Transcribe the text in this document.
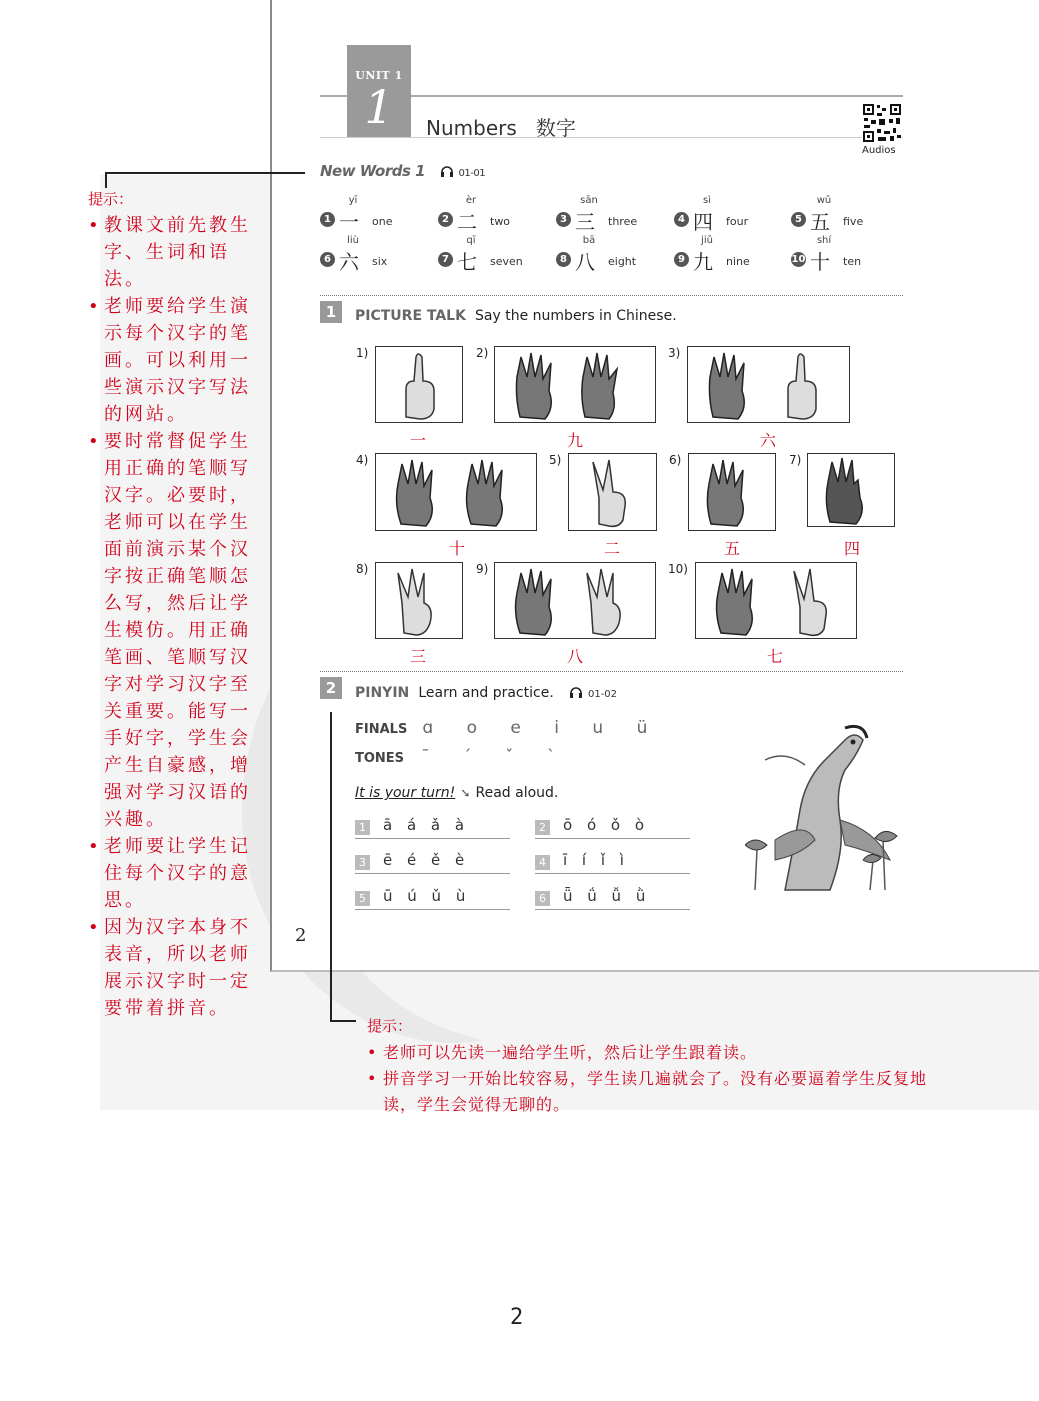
UNIT 1
1	Numbers   数字
Audios
New Words 1	01-01
yī
1 一 one
èr
2 二 two
sān
3 三 three
sì
4 四 four
wǔ
5 五 five
liù
6 六 six
qī
7 七 seven
bā
8 八 eight
jiǔ
9 九 nine
shí
10 十 ten
1	PICTURE TALK Say the numbers in Chinese.
1)
一
2)
九
3)
六
4)
十
5)
二
6)
五
7)
四
8)
三
9)
八
10)
七
2	PINYIN Learn and practice.	01-02
FINALS ɑ o e i u ü
TONES ˉ ˊ ˇ ˋ
It is your turn! ➘ Read aloud.
1 ā á ǎ à	2 ō ó ǒ ò
3 ē é ě è	4 ī í ǐ ì
5 ū ú ǔ ù	6 ǖ ǘ ǚ ǜ
2
提示：
• 教课文前先教生字、生词和语法。
• 老师要给学生演示每个汉字的笔画。可以利用一些演示汉字写法的网站。
• 要时常督促学生用正确的笔顺写汉字。必要时，老师可以在学生面前演示某个汉字按正确笔顺怎么写，然后让学生模仿。用正确笔画、笔顺写汉字对学习汉字至关重要。能写一手好字，学生会产生自豪感，增强对学习汉语的兴趣。
• 老师要让学生记住每个汉字的意思。
• 因为汉字本身不表音，所以老师展示汉字时一定要带着拼音。
提示：
• 老师可以先读一遍给学生听，然后让学生跟着读。
• 拼音学习一开始比较容易，学生读几遍就会了。没有必要逼着学生反复地读，学生会觉得无聊的。
2
